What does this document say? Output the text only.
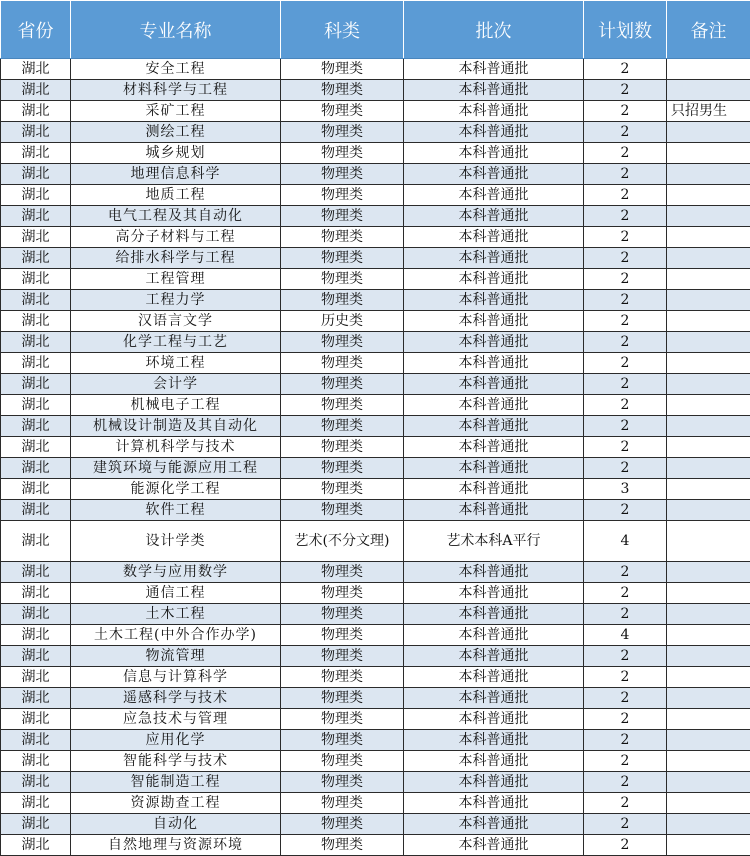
省份	专业名称	科类	批次	计划数	备注
湖北	安全工程	物理类	本科普通批	2	
湖北	材料科学与工程	物理类	本科普通批	2	
湖北	采矿工程	物理类	本科普通批	2	只招男生
湖北	测绘工程	物理类	本科普通批	2	
湖北	城乡规划	物理类	本科普通批	2	
湖北	地理信息科学	物理类	本科普通批	2	
湖北	地质工程	物理类	本科普通批	2	
湖北	电气工程及其自动化	物理类	本科普通批	2	
湖北	高分子材料与工程	物理类	本科普通批	2	
湖北	给排水科学与工程	物理类	本科普通批	2	
湖北	工程管理	物理类	本科普通批	2	
湖北	工程力学	物理类	本科普通批	2	
湖北	汉语言文学	历史类	本科普通批	2	
湖北	化学工程与工艺	物理类	本科普通批	2	
湖北	环境工程	物理类	本科普通批	2	
湖北	会计学	物理类	本科普通批	2	
湖北	机械电子工程	物理类	本科普通批	2	
湖北	机械设计制造及其自动化	物理类	本科普通批	2	
湖北	计算机科学与技术	物理类	本科普通批	2	
湖北	建筑环境与能源应用工程	物理类	本科普通批	2	
湖北	能源化学工程	物理类	本科普通批	3	
湖北	软件工程	物理类	本科普通批	2	
湖北	设计学类	艺术(不分文理)	艺术本科A平行	4	
湖北	数学与应用数学	物理类	本科普通批	2	
湖北	通信工程	物理类	本科普通批	2	
湖北	土木工程	物理类	本科普通批	2	
湖北	土木工程(中外合作办学)	物理类	本科普通批	4	
湖北	物流管理	物理类	本科普通批	2	
湖北	信息与计算科学	物理类	本科普通批	2	
湖北	遥感科学与技术	物理类	本科普通批	2	
湖北	应急技术与管理	物理类	本科普通批	2	
湖北	应用化学	物理类	本科普通批	2	
湖北	智能科学与技术	物理类	本科普通批	2	
湖北	智能制造工程	物理类	本科普通批	2	
湖北	资源勘查工程	物理类	本科普通批	2	
湖北	自动化	物理类	本科普通批	2	
湖北	自然地理与资源环境	物理类	本科普通批	2	
